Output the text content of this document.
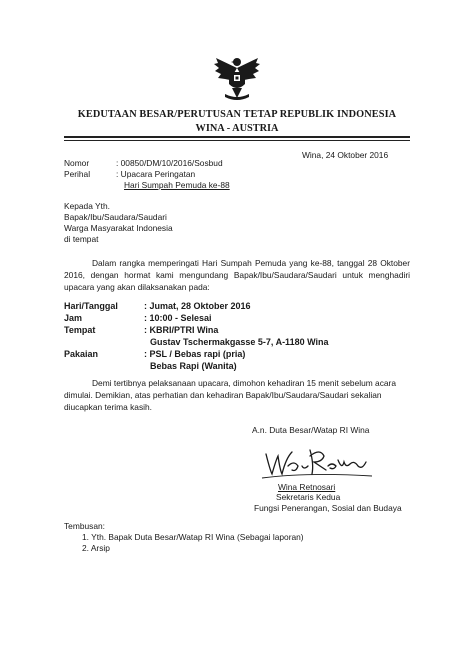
KEDUTAAN BESAR/PERUTUSAN TETAP REPUBLIK INDONESIA
WINA - AUSTRIA
Wina, 24 Oktober 2016
Nomor	: 00850/DM/10/2016/Sosbud
Perihal	: Upacara Peringatan
Hari Sumpah Pemuda ke-88
Kepada Yth.
Bapak/Ibu/Saudara/Saudari
Warga Masyarakat Indonesia
di tempat
Dalam rangka memperingati Hari Sumpah Pemuda yang ke-88, tanggal 28 Oktober 2016, dengan hormat kami mengundang Bapak/Ibu/Saudara/Saudari untuk menghadiri upacara yang akan dilaksanakan pada:
Hari/Tanggal	: Jumat, 28 Oktober 2016
Jam	: 10:00 - Selesai
Tempat	: KBRI/PTRI Wina
Gustav Tschermakgasse 5-7, A-1180 Wina
Pakaian	: PSL / Bebas rapi (pria)
Bebas Rapi (Wanita)
Demi tertibnya pelaksanaan upacara, dimohon kehadiran 15 menit sebelum acara dimulai. Demikian, atas perhatian dan kehadiran Bapak/Ibu/Saudara/Saudari sekalian diucapkan terima kasih.
A.n. Duta Besar/Watap RI Wina
Wina Retnosari
Sekretaris Kedua
Fungsi Penerangan, Sosial dan Budaya
Tembusan:
1. Yth. Bapak Duta Besar/Watap RI Wina (Sebagai laporan)
2. Arsip
